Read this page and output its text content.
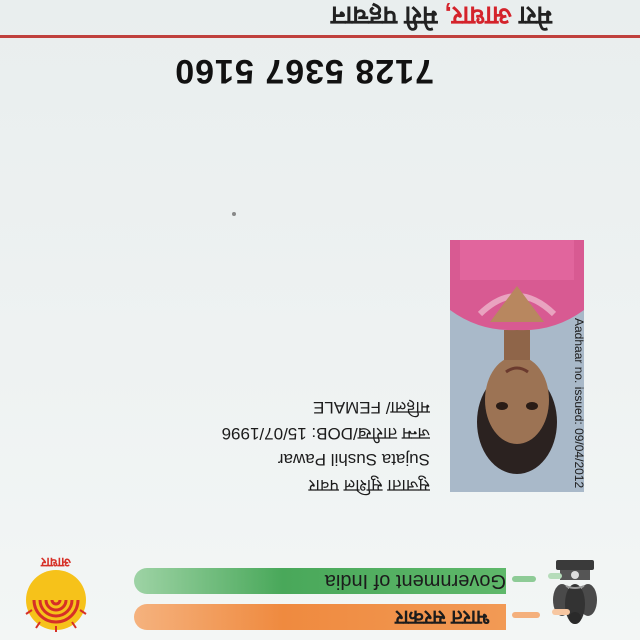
भारत सरकार
Government of India
आधार
Aadhaar no. issued: 09/04/2012
सुजाता सुशिल पवार
Sujata Sushil Pawar
जन्म तारीख/DOB: 15/07/1996
महिला/ FEMALE
7128 5367 5160
मेरा आधार, मेरी पहचान
